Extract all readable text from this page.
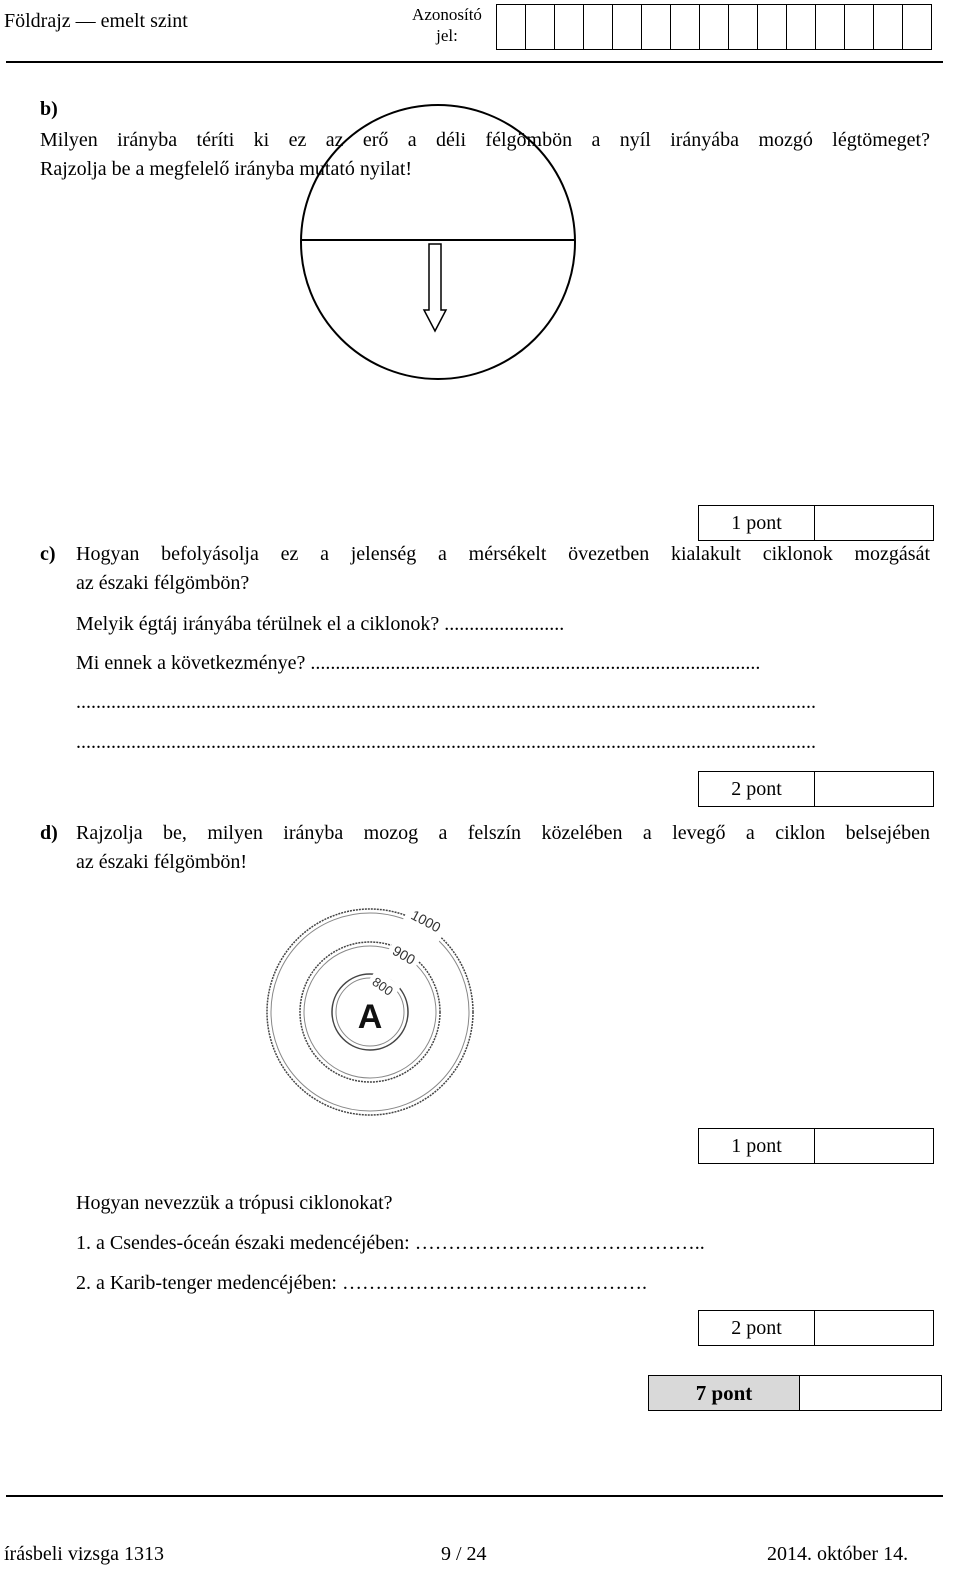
Földrajz — emelt szint	Azonosító
jel:
b)
Milyen irányba téríti ki ez az erő a déli félgömbön a nyíl irányába mozgó légtömeget?
Rajzolja be a megfelelő irányba mutató nyilat!
1 pont
c) Hogyan befolyásolja ez a jelenség a mérsékelt övezetben kialakult ciklonok mozgását
az északi félgömbön?
Melyik égtáj irányába térülnek el a ciklonok? ........................
Mi ennek a következménye? ..........................................................................................
....................................................................................................................................................
....................................................................................................................................................
2 pont
d) Rajzolja be, milyen irányba mozog a felszín közelében a levegő a ciklon belsejében
az északi félgömbön!
1000
900
800
A
1 pont
Hogyan nevezzük a trópusi ciklonokat?
1. a Csendes-óceán északi medencéjében: ……………………………………..
2. a Karib-tenger medencéjében: ……………………………………….
2 pont
7 pont
írásbeli vizsga 1313	9 / 24	2014. október 14.
